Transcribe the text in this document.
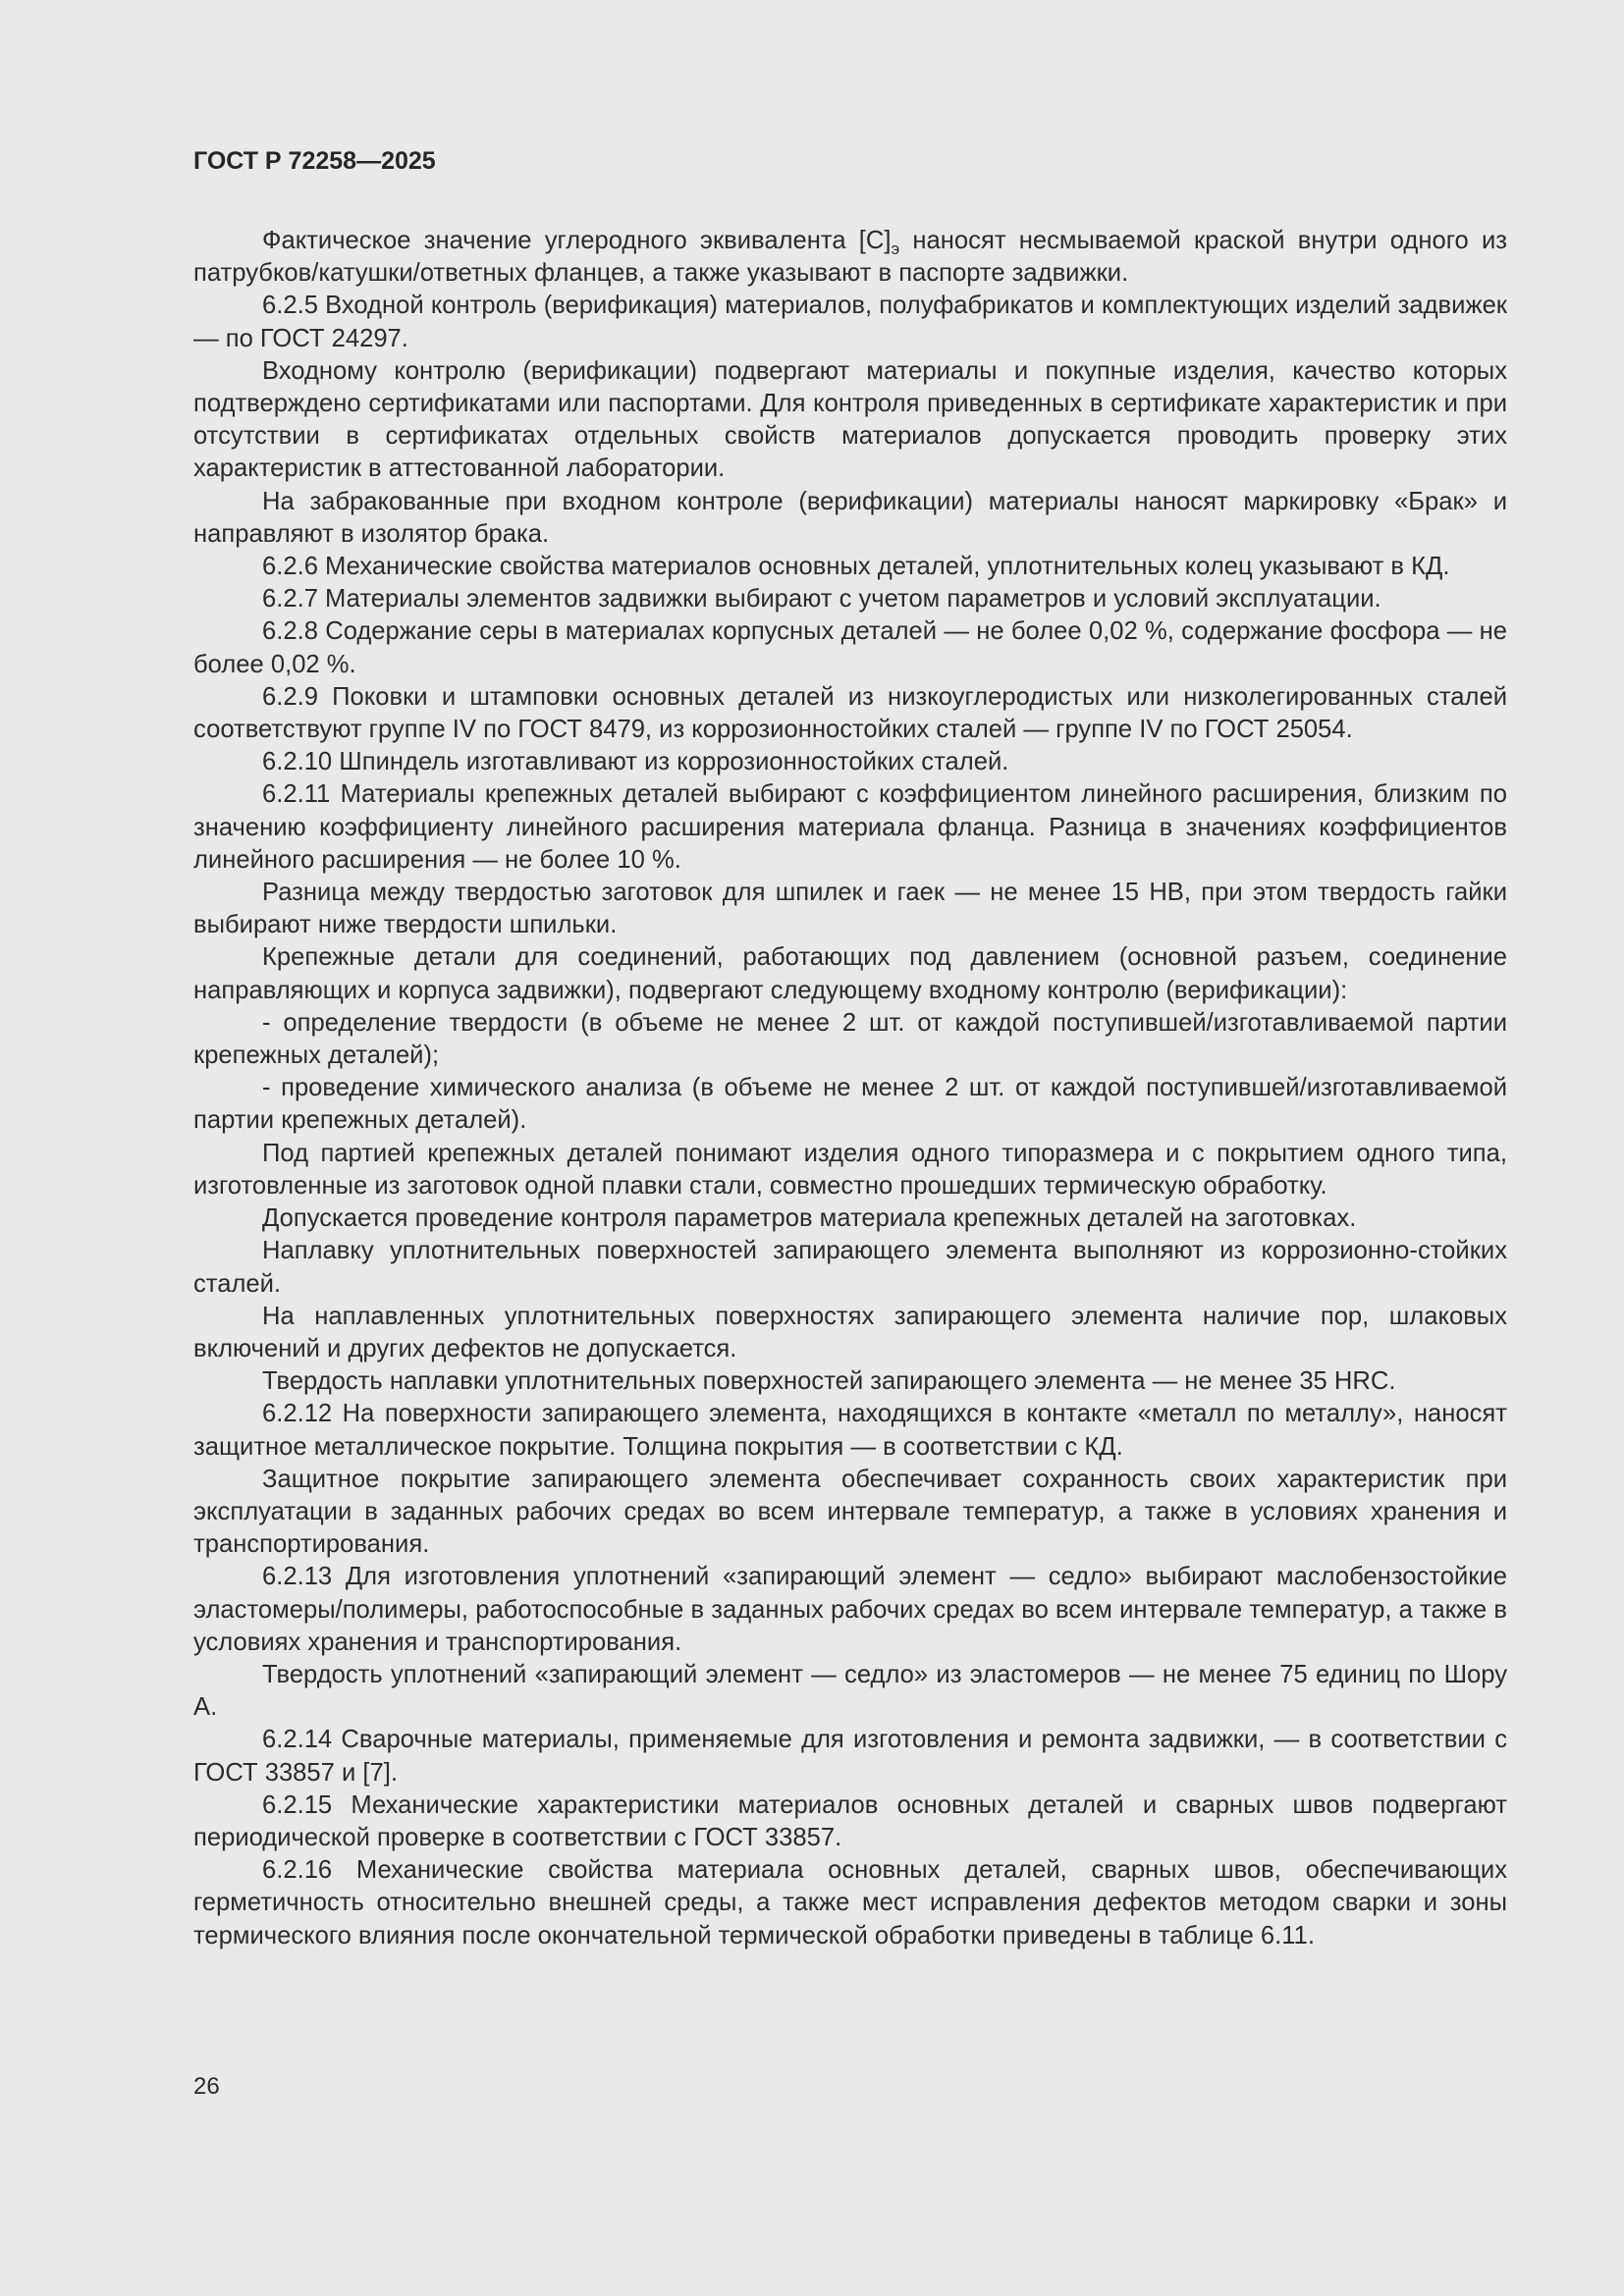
ГОСТ Р 72258—2025

Фактическое значение углеродного эквивалента $[С]_э$ наносят несмываемой краской внутри одного из патрубков/катушки/ответных фланцев, а также указывают в паспорте задвижки.

6.2.5 Входной контроль (верификация) материалов, полуфабрикатов и комплектующих изделий задвижек — по ГОСТ 24297.

Входному контролю (верификации) подвергают материалы и покупные изделия, качество которых подтверждено сертификатами или паспортами. Для контроля приведенных в сертификате характеристик и при отсутствии в сертификатах отдельных свойств материалов допускается проводить проверку этих характеристик в аттестованной лаборатории.

На забракованные при входном контроле (верификации) материалы наносят маркировку «Брак» и направляют в изолятор брака.

6.2.6 Механические свойства материалов основных деталей, уплотнительных колец указывают в КД.

6.2.7 Материалы элементов задвижки выбирают с учетом параметров и условий эксплуатации.

6.2.8 Содержание серы в материалах корпусных деталей — не более 0,02 %, содержание фосфора — не более 0,02 %.

6.2.9 Поковки и штамповки основных деталей из низкоуглеродистых или низколегированных сталей соответствуют группе IV по ГОСТ 8479, из коррозионностойких сталей — группе IV по ГОСТ 25054.

6.2.10 Шпиндель изготавливают из коррозионностойких сталей.

6.2.11 Материалы крепежных деталей выбирают с коэффициентом линейного расширения, близким по значению коэффициенту линейного расширения материала фланца. Разница в значениях коэффициентов линейного расширения — не более 10 %.

Разница между твердостью заготовок для шпилек и гаек — не менее 15 НВ, при этом твердость гайки выбирают ниже твердости шпильки.

Крепежные детали для соединений, работающих под давлением (основной разъем, соединение направляющих и корпуса задвижки), подвергают следующему входному контролю (верификации):

- определение твердости (в объеме не менее 2 шт. от каждой поступившей/изготавливаемой партии крепежных деталей);

- проведение химического анализа (в объеме не менее 2 шт. от каждой поступившей/изготавливаемой партии крепежных деталей).

Под партией крепежных деталей понимают изделия одного типоразмера и с покрытием одного типа, изготовленные из заготовок одной плавки стали, совместно прошедших термическую обработку.

Допускается проведение контроля параметров материала крепежных деталей на заготовках.

Наплавку уплотнительных поверхностей запирающего элемента выполняют из коррозионно-стойких сталей.

На наплавленных уплотнительных поверхностях запирающего элемента наличие пор, шлаковых включений и других дефектов не допускается.

Твердость наплавки уплотнительных поверхностей запирающего элемента — не менее 35 HRC.

6.2.12 На поверхности запирающего элемента, находящихся в контакте «металл по металлу», наносят защитное металлическое покрытие. Толщина покрытия — в соответствии с КД.

Защитное покрытие запирающего элемента обеспечивает сохранность своих характеристик при эксплуатации в заданных рабочих средах во всем интервале температур, а также в условиях хранения и транспортирования.

6.2.13 Для изготовления уплотнений «запирающий элемент — седло» выбирают маслобензостойкие эластомеры/полимеры, работоспособные в заданных рабочих средах во всем интервале температур, а также в условиях хранения и транспортирования.

Твердость уплотнений «запирающий элемент — седло» из эластомеров — не менее 75 единиц по Шору А.

6.2.14 Сварочные материалы, применяемые для изготовления и ремонта задвижки, — в соответствии с ГОСТ 33857 и [7].

6.2.15 Механические характеристики материалов основных деталей и сварных швов подвергают периодической проверке в соответствии с ГОСТ 33857.

6.2.16 Механические свойства материала основных деталей, сварных швов, обеспечивающих герметичность относительно внешней среды, а также мест исправления дефектов методом сварки и зоны термического влияния после окончательной термической обработки приведены в таблице 6.11.

26
